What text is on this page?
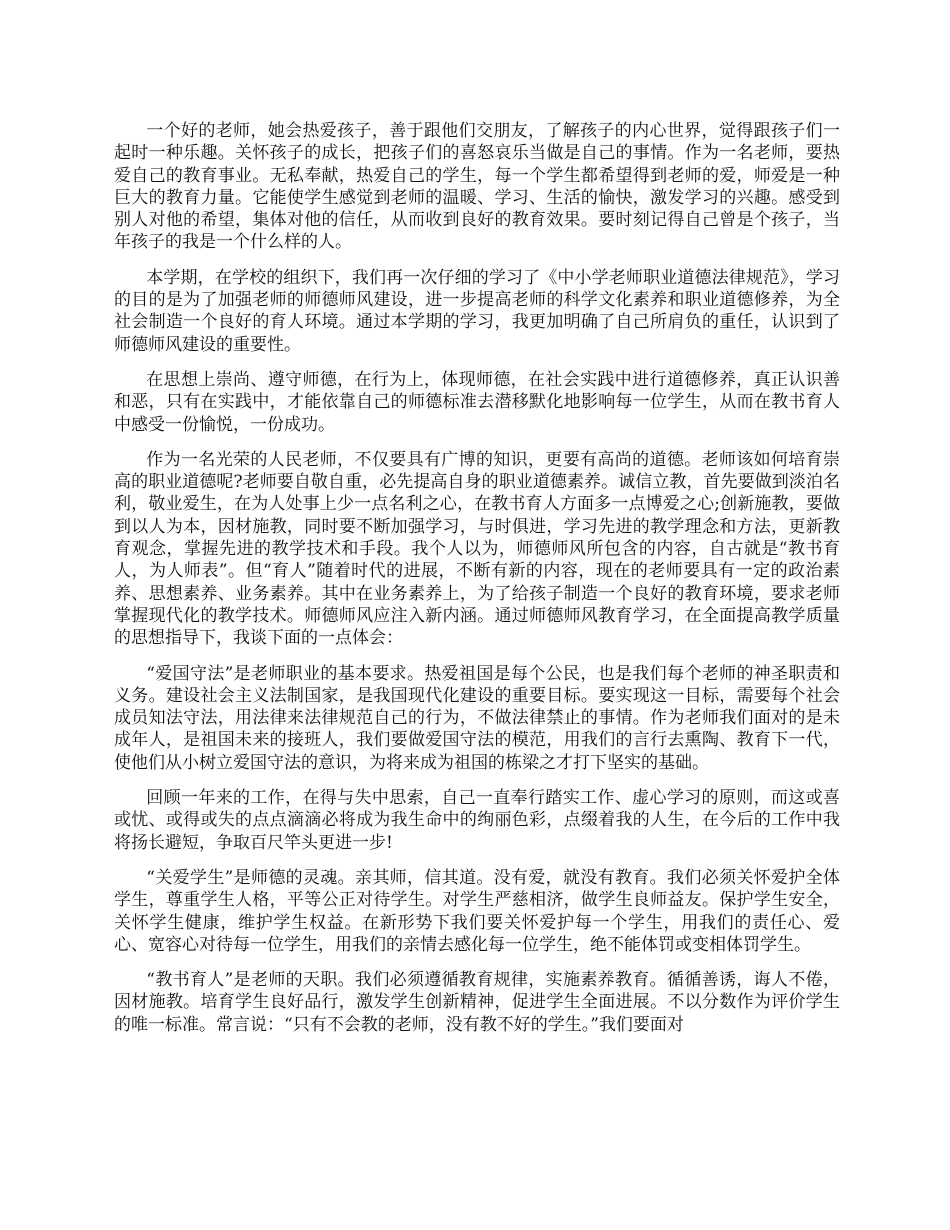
一个好的老师，她会热爱孩子，善于跟他们交朋友，了解孩子的内心世界，觉得跟孩子们一起时一种乐趣。关怀孩子的成长，把孩子们的喜怒哀乐当做是自己的事情。作为一名老师，要热爱自己的教育事业。无私奉献，热爱自己的学生，每一个学生都希望得到老师的爱，师爱是一种巨大的教育力量。它能使学生感觉到老师的温暖、学习、生活的愉快，激发学习的兴趣。感受到别人对他的希望，集体对他的信任，从而收到良好的教育效果。要时刻记得自己曾是个孩子，当年孩子的我是一个什么样的人。

本学期，在学校的组织下，我们再一次仔细的学习了《中小学老师职业道德法律规范》，学习的目的是为了加强老师的师德师风建设，进一步提高老师的科学文化素养和职业道德修养，为全社会制造一个良好的育人环境。通过本学期的学习，我更加明确了自己所肩负的重任，认识到了师德师风建设的重要性。

在思想上崇尚、遵守师德，在行为上，体现师德，在社会实践中进行道德修养，真正认识善和恶，只有在实践中，才能依靠自己的师德标准去潜移默化地影响每一位学生，从而在教书育人中感受一份愉悦，一份成功。

作为一名光荣的人民老师，不仅要具有广博的知识，更要有高尚的道德。老师该如何培育崇高的职业道德呢?老师要自敬自重，必先提高自身的职业道德素养。诚信立教，首先要做到淡泊名利，敬业爱生，在为人处事上少一点名利之心，在教书育人方面多一点博爱之心;创新施教，要做到以人为本，因材施教，同时要不断加强学习，与时俱进，学习先进的教学理念和方法，更新教育观念，掌握先进的教学技术和手段。我个人以为，师德师风所包含的内容，自古就是“教书育人，为人师表”。但“育人”随着时代的进展，不断有新的内容，现在的老师要具有一定的政治素养、思想素养、业务素养。其中在业务素养上，为了给孩子制造一个良好的教育环境，要求老师掌握现代化的教学技术。师德师风应注入新内涵。通过师德师风教育学习，在全面提高教学质量的思想指导下，我谈下面的一点体会：

“爱国守法”是老师职业的基本要求。热爱祖国是每个公民，也是我们每个老师的神圣职责和义务。建设社会主义法制国家，是我国现代化建设的重要目标。要实现这一目标，需要每个社会成员知法守法，用法律来法律规范自己的行为，不做法律禁止的事情。作为老师我们面对的是未成年人，是祖国未来的接班人，我们要做爱国守法的模范，用我们的言行去熏陶、教育下一代，使他们从小树立爱国守法的意识，为将来成为祖国的栋梁之才打下坚实的基础。

回顾一年来的工作，在得与失中思索，自己一直奉行踏实工作、虚心学习的原则，而这或喜或忧、或得或失的点点滴滴必将成为我生命中的绚丽色彩，点缀着我的人生，在今后的工作中我将扬长避短，争取百尺竿头更进一步!

“关爱学生”是师德的灵魂。亲其师，信其道。没有爱，就没有教育。我们必须关怀爱护全体学生，尊重学生人格，平等公正对待学生。对学生严慈相济，做学生良师益友。保护学生安全，关怀学生健康，维护学生权益。在新形势下我们要关怀爱护每一个学生，用我们的责任心、爱心、宽容心对待每一位学生，用我们的亲情去感化每一位学生，绝不能体罚或变相体罚学生。

“教书育人”是老师的天职。我们必须遵循教育规律，实施素养教育。循循善诱，诲人不倦，因材施教。培育学生良好品行，激发学生创新精神，促进学生全面进展。不以分数作为评价学生的唯一标准。常言说：“只有不会教的老师，没有教不好的学生。”我们要面对
